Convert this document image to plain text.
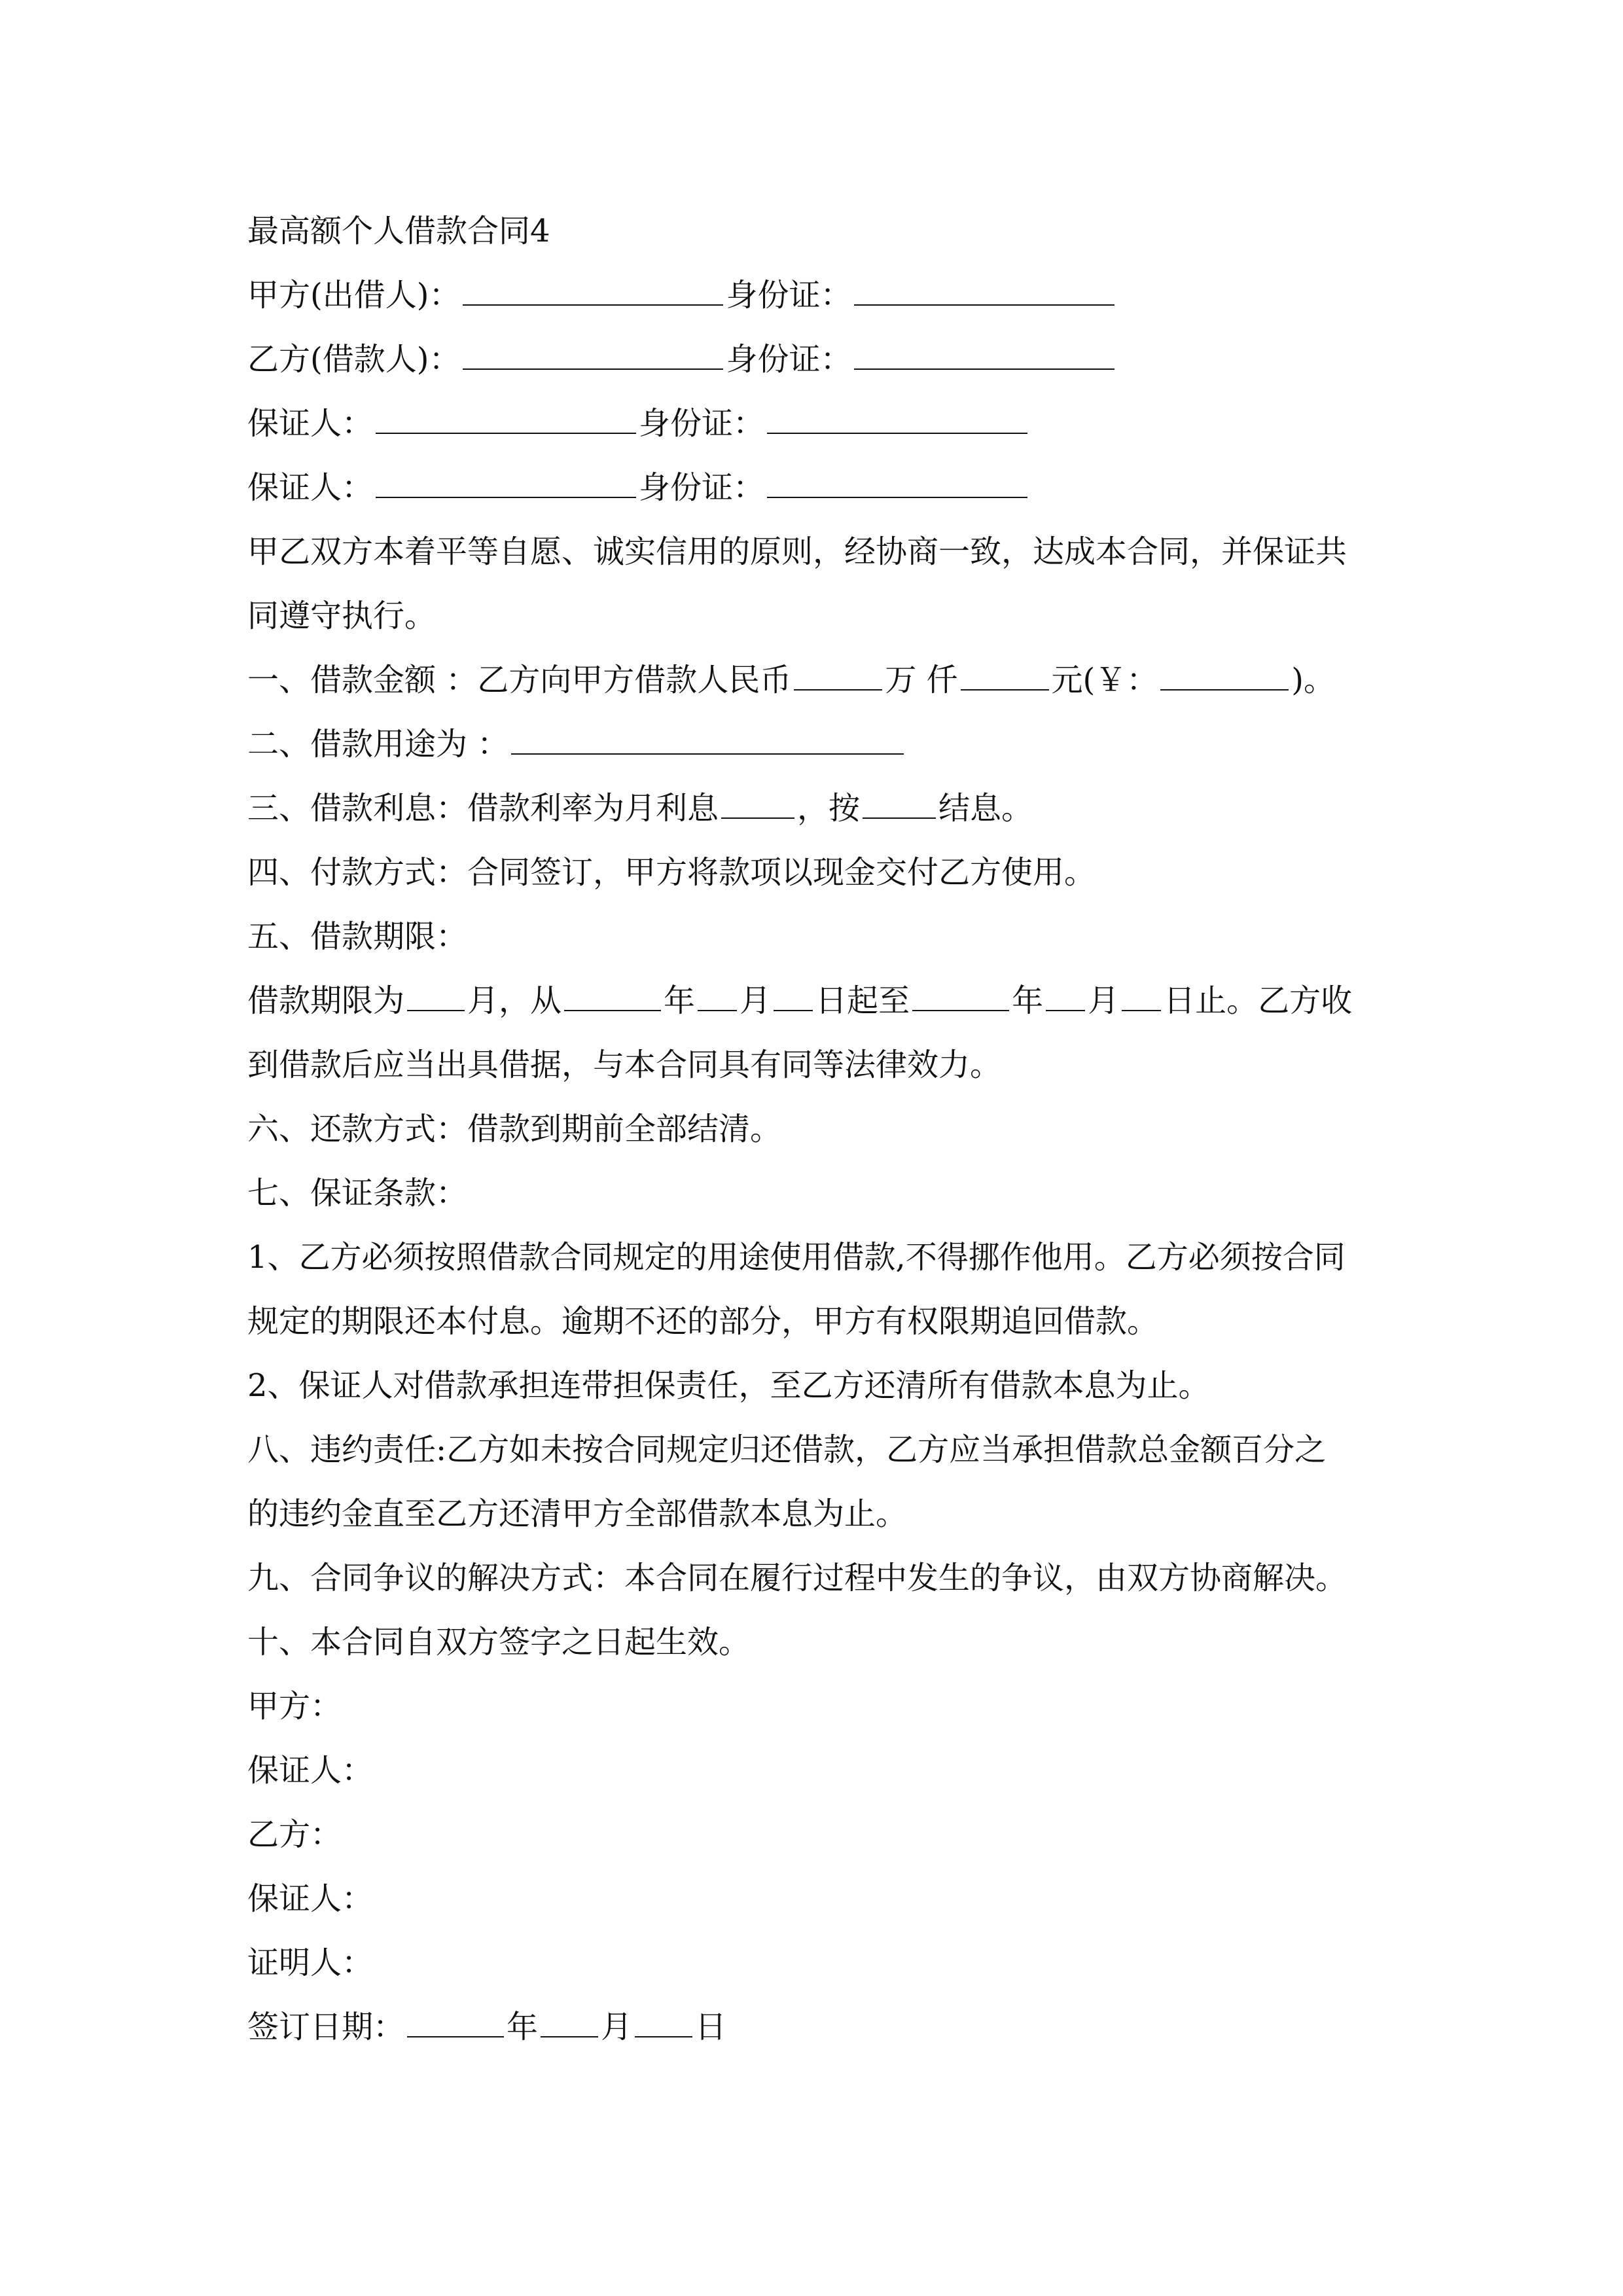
最高额个人借款合同4
甲方(出借人)：	身份证：
乙方(借款人)：	身份证：
保证人：	身份证：
保证人：	身份证：
甲乙双方本着平等自愿、诚实信用的原则，经协商一致，达成本合同，并保证共
同遵守执行。
一、借款金额 ：乙方向甲方借款人民币	万 仟	元(￥：	)。
二、借款用途为 ：
三、借款利息：借款利率为月利息	，按	结息。
四、付款方式：合同签订，甲方将款项以现金交付乙方使用。
五、借款期限：
借款期限为 月，从	年 月 日起至	年 月 日止。乙方收
到借款后应当出具借据，与本合同具有同等法律效力。
六、还款方式：借款到期前全部结清。
七、保证条款：
1、乙方必须按照借款合同规定的用途使用借款,不得挪作他用。乙方必须按合同
规定的期限还本付息。逾期不还的部分，甲方有权限期追回借款。
2、保证人对借款承担连带担保责任，至乙方还清所有借款本息为止。
八、违约责任:乙方如未按合同规定归还借款，乙方应当承担借款总金额百分之
的违约金直至乙方还清甲方全部借款本息为止。
九、合同争议的解决方式：本合同在履行过程中发生的争议，由双方协商解决。
十、本合同自双方签字之日起生效。
甲方：
保证人：
乙方：
保证人：
证明人：
签订日期：	年 月 日
